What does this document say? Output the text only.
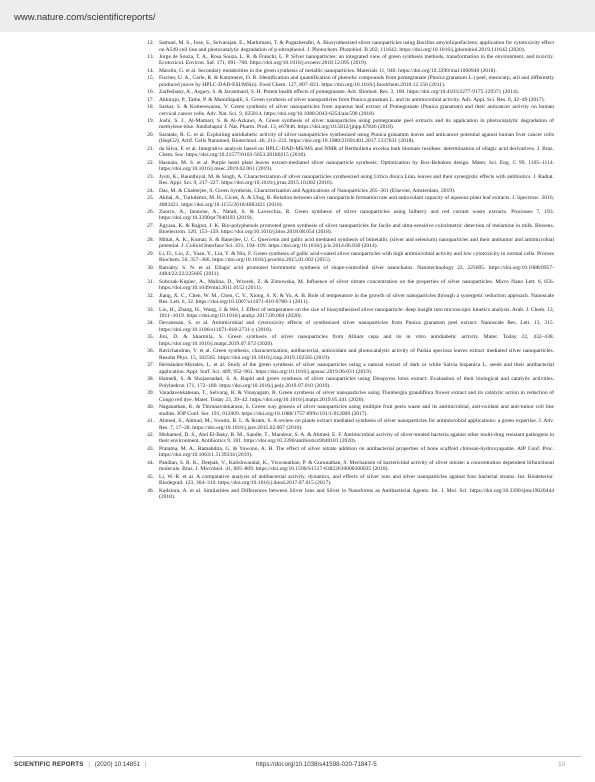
www.nature.com/scientificreports/
12. Samuel, M. S., Jose, S., Selvarajan, E., Mathimani, T. & Pugazhendhi, A. Biosynthesized silver nanoparticles using Bacillus amyloliquefaciens; application for cytotoxicity effect on A549 cell line and photocatalytic degradation of p-nitrophenol. J. Photochem. Photobiol. B 202, 111642. https://doi.org/10.1016/j.jphotobiol.2019.111642 (2020).
13. Jorge de Souza, T. A., Rosa Souza, L. R. & Franchi, L. P. Silver nanoparticles: an integrated view of green synthesis methods, transformation in the environment, and toxicity. Ecotoxicol. Environ. Saf. 171, 691–700. https://doi.org/10.1016/j.ecoenv.2018.12.095 (2019).
14. Marslin, G. et al. Secondary metabolites in the green synthesis of metallic nanoparticles. Materials 11, 940. https://doi.org/10.3390/ma11060940 (2018).
15. Fischer, U. A., Carle, R. & Kammerer, D. R. Identification and quantification of phenolic compounds from pomegranate (Punica granatum L.) peel, mesocarp, aril and differently produced juices by HPLC-DAD-ESI/MS(n). Food Chem. 127, 807–821. https://doi.org/10.1016/j.foodchem.2010.12.156 (2011).
16. Zarfeshany, A., Asgary, S. & Javanmard, S. H. Potent health effects of pomegranate. Adv. Biomed. Res. 3, 100. https://doi.org/10.4103/2277-9175.129371 (2014).
17. Akkiraju, P., Tathe, P. & Mamillapalli, S. Green synthesis of silver nanoparticles from Punica granatum L. and its antimicrobial activity. Adv. Appl. Sci. Res. 8, 42–49 (2017).
18. Sarkar, S. & Kotteeswaran, V. Green synthesis of silver nanoparticles from aqueous leaf extract of Pomegranate (Punica granatum) and their anticancer activity on human cervical cancer cells. Adv. Nat. Sci. 9, 025014. https://doi.org/10.1088/2043-6254/aac590 (2018).
19. Joshi, S. J., Al-Mamari, S. & Al-Azkawi, A. Green synthesis of silver nanoparticles using pomegranate peel extracts and its application in photocatalytic degradation of methylene blue. Jundishapur J. Nat. Pharm. Prod. 13, e67846. https://doi.org/10.5812/jjnpp.67846 (2018).
20. Saratale, R. G. et al. Exploiting antidiabetic activity of silver nanoparticles synthesized using Punica granatum leaves and anticancer potential against human liver cancer cells (HepG2). Artif. Cells Nanomed. Biotechnol. 46, 211–222. https://doi.org/10.1080/21691401.2017.1337031 (2018).
21. da Silva, F. et al. Integrative analysis based on HPLC-DAD-MS/MS and NMR of Bertholletia excelsa bark biomass residues: determination of ellagic acid derivatives. J. Braz. Chem. Soc. https://doi.org/10.21577/0103-5053.20180215 (2018).
22. Hasnain, M. S. et al. Purple heart plant leaves extract-mediated silver nanoparticle synthesis: Optimization by Box-Behnken design. Mater. Sci. Eng. C 99, 1105–1114. https://doi.org/10.1016/j.msec.2019.02.061 (2019).
23. Jyoti, K., Baunthiyal, M. & Singh, A. Characterization of silver nanoparticles synthesized using Urtica dioica Linn. leaves and their synergistic effects with antibiotics. J. Radiat. Res. Appl. Sci. 9, 217–227. https://doi.org/10.1016/j.jrras.2015.10.002 (2016).
24. Das, M. & Chatterjee, S. Green Synthesis, Characterization and Applications of Nanoparticles 265–301 (Elsevier, Amsterdam, 2019).
25. Akbal, A., Turkdemir, M. H., Cicek, A. & Ulug, B. Relation between silver nanoparticle formation rate and antioxidant capacity of aqueous plant leaf extracts. J. Spectrosc. 2016, 4083421. https://doi.org/10.1155/2016/4083421 (2016).
26. Zuorro, A., Iannone, A., Natali, S. & Lavecchia, R. Green synthesis of silver nanoparticles using bilberry and red currant waste extracts. Processes 7, 193. https://doi.org/10.3390/pr7040193 (2019).
27. Jigyasa, K. & Rajput, J. K. Bio-polyphenols promoted green synthesis of silver nanoparticles for facile and ultra-sensitive colorimetric detection of melamine in milk. Biosens. Bioelectron. 120, 153–159. https://doi.org/10.1016/j.bios.2018.08.054 (2018).
28. Mittal, A. K., Kumar, S. & Banerjee, U. C. Quercetin and gallic acid mediated synthesis of bimetallic (silver and selenium) nanoparticles and their antitumor and antimicrobial potential. J. Colloid Interface Sci. 431, 194–199. https://doi.org/10.1016/j.jcis.2014.06.030 (2014).
29. Li, D., Liu, Z., Yuan, Y., Liu, Y. & Niu, F. Green synthesis of gallic acid-coated silver nanoparticles with high antimicrobial activity and low cytotoxicity to normal cells. Process Biochem. 50, 357–366. https://doi.org/10.1016/j.procbio.2015.01.002 (2015).
30. Barnaby, S. N. et al. Ellagic acid promoted biomimetic synthesis of shape-controlled silver nanochains. Nanotechnology 22, 225605. https://doi.org/10.1088/0957-4484/22/22/225605 (2011).
31. Sobczak-Kupiec, A., Malina, D., Wzorek, Z. & Zimowska, M. Influence of silver nitrate concentration on the properties of silver nanoparticles. Micro Nano Lett. 6, 656. https://doi.org/10.1049/mnl.2011.0152 (2011).
32. Jiang, X. C., Chen, W. M., Chen, C. Y., Xiong, S. X. & Yu, A. B. Role of temperature in the growth of silver nanoparticles through a synergetic reduction approach. Nanoscale Res. Lett. 6, 32. https://doi.org/10.1007/s11671-010-9780-1 (2011).
33. Liu, H., Zhang, H., Wang, J. & Wei, J. Effect of temperature on the size of biosynthesized silver nanoparticle: deep insight into microscopic kinetics analysis. Arab. J. Chem. 13, 1011–1019. https://doi.org/10.1016/j.arabjc.2017.09.004 (2020).
34. Devanesan, S. et al. Antimicrobial and cytotoxicity effects of synthesized silver nanoparticles from Punica granatum peel extract. Nanoscale Res. Lett. 13, 315. https://doi.org/10.1186/s11671-018-2731-y (2018).
35. Jini, D. & Sharmila, S. Green synthesis of silver nanoparticles from Allium cepa and its in vitro antidiabetic activity. Mater. Today 22, 432–438. https://doi.org/10.1016/j.matpr.2019.07.672 (2020).
36. Ravichandran, V. et al. Green synthesis, characterization, antibacterial, antioxidant and photocatalytic activity of Parkia speciosa leaves extract mediated silver nanoparticles. Results Phys. 15, 102565. https://doi.org/10.1016/j.rinp.2019.102565 (2019).
37. Hernández-Morales, L. et al. Study of the green synthesis of silver nanoparticles using a natural extract of dark or white Salvia hispanica L. seeds and their antibacterial application. Appl. Surf. Sci. 489, 952–961. https://doi.org/10.1016/j.apsusc.2019.06.031 (2019).
38. Hamedi, S. & Shojaosadati, S. A. Rapid and green synthesis of silver nanoparticles using Diospyros lotus extract: Evaluation of their biological and catalytic activities. Polyhedron 171, 172–180. https://doi.org/10.1016/j.poly.2019.07.010 (2019).
39. Varadavenkatesan, T., Selvaraj, R. & Vinayagam, R. Green synthesis of silver nanoparticles using Thunbergia grandiflora flower extract and its catalytic action in reduction of Congo red dye. Mater. Today 23, 39–42. https://doi.org/10.1016/j.matpr.2019.05.441 (2020).
40. Naganathan, K. & Thirunavukkarasu, S. Green way genesis of silver nanoparticles using multiple fruit peels waste and its antimicrobial, anti-oxidant and anti-tumor cell line studies. IOP Conf. Ser. 191, 012009. https://doi.org/10.1088/1757-899x/191/1/012009 (2017).
41. Ahmed, S., Ahmad, M., Swami, B. L. & Ikram, S. A review on plants extract mediated synthesis of silver nanoparticles for antimicrobial applications: a green expertise. J. Adv. Res. 7, 17–28. https://doi.org/10.1016/j.jare.2015.02.007 (2016).
42. Mohamed, D. S., Abd El-Baky, R. M., Sandle, T., Mandour, S. A. & Ahmed, E. F. Antimicrobial activity of silver-treated bacteria against other multi-drug resistant pathogens in their environment. Antibiotics 9, 181. https://doi.org/10.3390/antibiotics9040181 (2020).
43. Pratama, M. A., Ramahdita, G. & Yuwono, A. H. The effect of silver nitrate addition on antibacterial properties of bone scaffold chitosan-hydroxyapatite. AIP Conf. Proc. https://doi.org/10.1063/1.5139334 (2019).
44. Pandian, S. R. K., Deepak, V., Kalishwaralal, K., Viswanathan, P. & Gurunathan, S. Mechanism of bactericidal activity of silver nitrate: a concentration dependent bifunctional molecule. Braz. J. Microbiol. 41, 805–809. https://doi.org/10.1590/S1517-83822010000300035 (2010).
45. Li, W.-R. et al. A comparative analysis of antibacterial activity, dynamics, and effects of silver ions and silver nanoparticles against four bacterial strains. Int. Biodeterior. Biodegrad. 123, 304–310. https://doi.org/10.1016/j.ibiod.2017.07.015 (2017).
46. Kędziora, A. et al. Similarities and Differences between Silver Ions and Silver in Nanoforms as Antibacterial Agents. Int. J. Mol. Sci. https://doi.org/10.3390/ijms19020444 (2018).
SCIENTIFIC REPORTS | (2020) 10:14851 |	https://doi.org/10.1038/s41598-020-71847-5	10
